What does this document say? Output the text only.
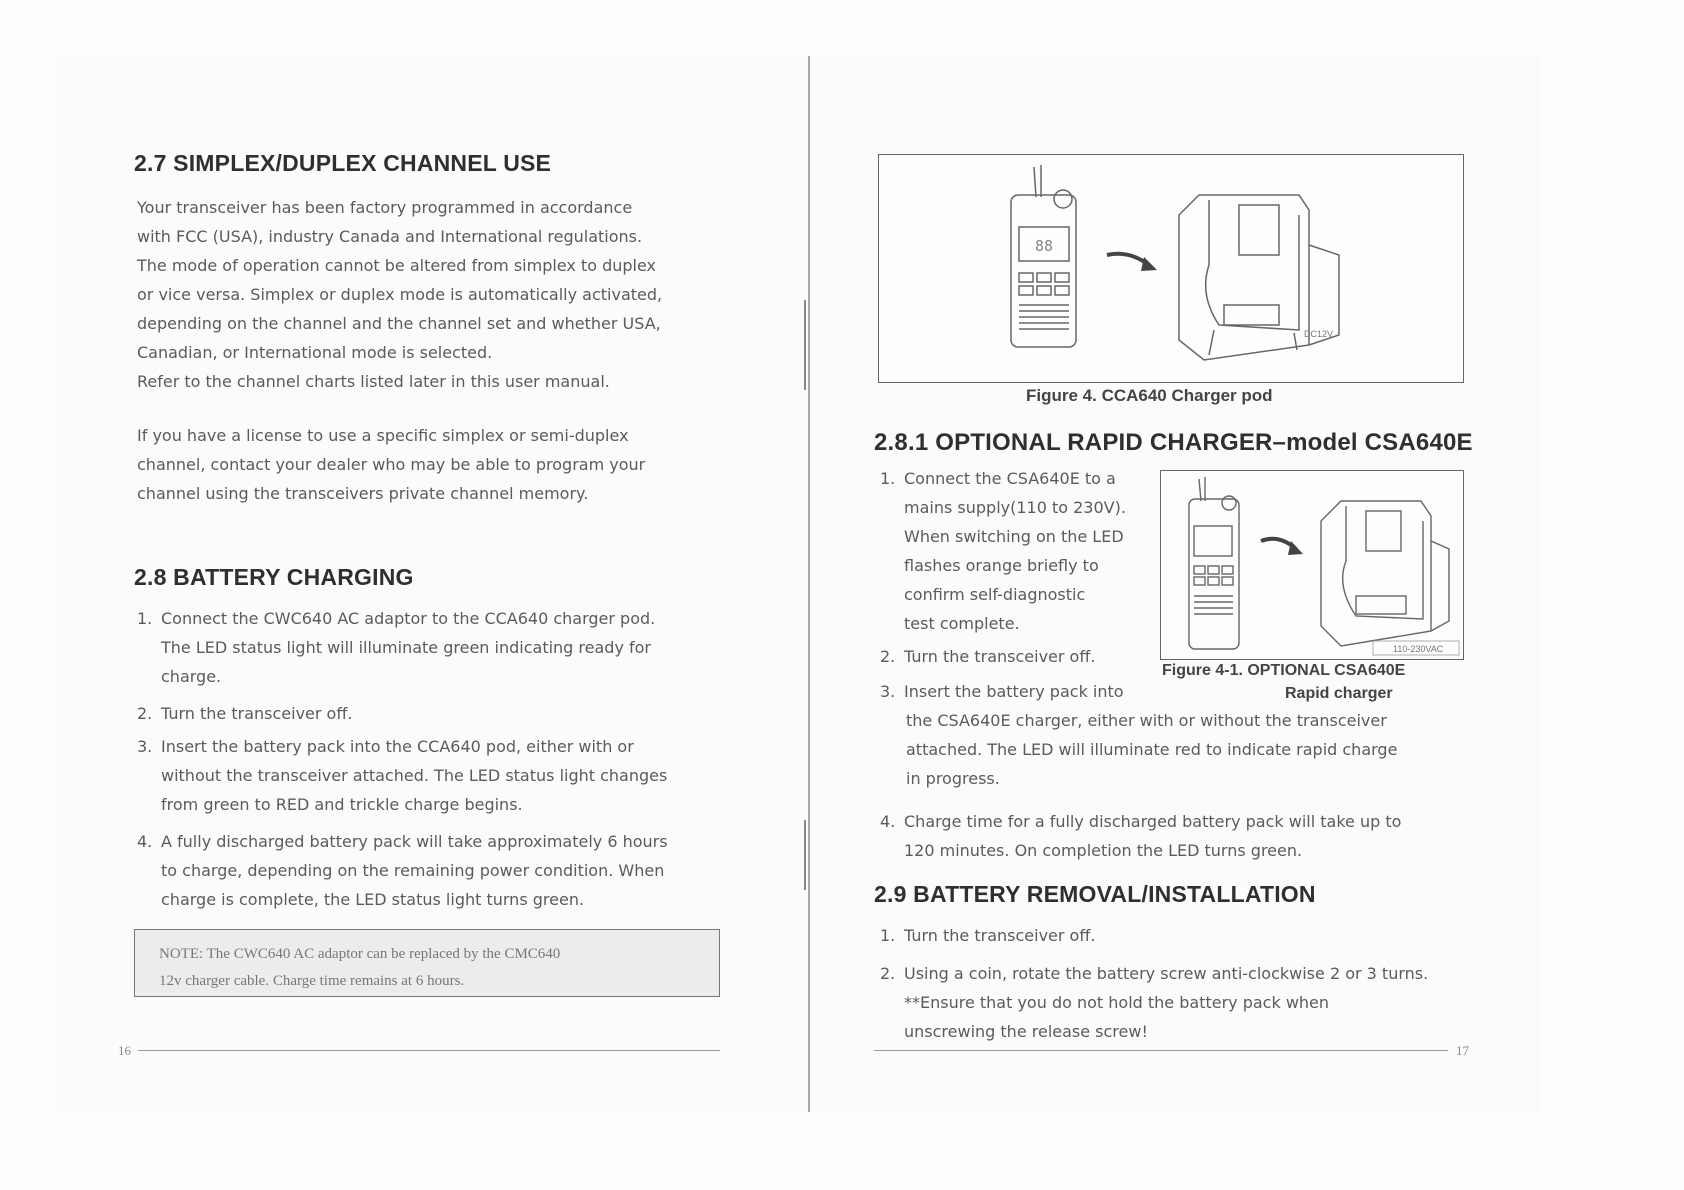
2.7 SIMPLEX/DUPLEX CHANNEL USE

Your transceiver has been factory programmed in accordance
with FCC (USA), industry Canada and International regulations.
The mode of operation cannot be altered from simplex to duplex
or vice versa. Simplex or duplex mode is automatically activated,
depending on the channel and the channel set and whether USA,
Canadian, or International mode is selected.
Refer to the channel charts listed later in this user manual.

If you have a license to use a specific simplex or semi-duplex
channel, contact your dealer who may be able to program your
channel using the transceivers private channel memory.

2.8 BATTERY CHARGING
1. Connect the CWC640 AC adaptor to the CCA640 charger pod.
The LED status light will illuminate green indicating ready for
charge.
2. Turn the transceiver off.
3. Insert the battery pack into the CCA640 pod, either with or
without the transceiver attached. The LED status light changes
from green to RED and trickle charge begins.
4. A fully discharged battery pack will take approximately 6 hours
to charge, depending on the remaining power condition. When
charge is complete, the LED status light turns green.
NOTE: The CWC640 AC adaptor can be replaced by the CMC640
12v charger cable. Charge time remains at 6 hours.
16
88
DC12V
Figure 4. CCA640 Charger pod
2.8.1 OPTIONAL RAPID CHARGER–model CSA640E
1. Connect the CSA640E to a
mains supply(110 to 230V).
When switching on the LED
flashes orange briefly to
confirm self-diagnostic
test complete.
2. Turn the transceiver off.
3. Insert the battery pack into
the CSA640E charger, either with or without the transceiver
attached. The LED will illuminate red to indicate rapid charge
in progress.
4. Charge time for a fully discharged battery pack will take up to
120 minutes. On completion the LED turns green.
110-230VAC
Figure 4-1. OPTIONAL CSA640E
Rapid charger
2.9 BATTERY REMOVAL/INSTALLATION
1. Turn the transceiver off.
2. Using a coin, rotate the battery screw anti-clockwise 2 or 3 turns.
**Ensure that you do not hold the battery pack when
unscrewing the release screw!
17
